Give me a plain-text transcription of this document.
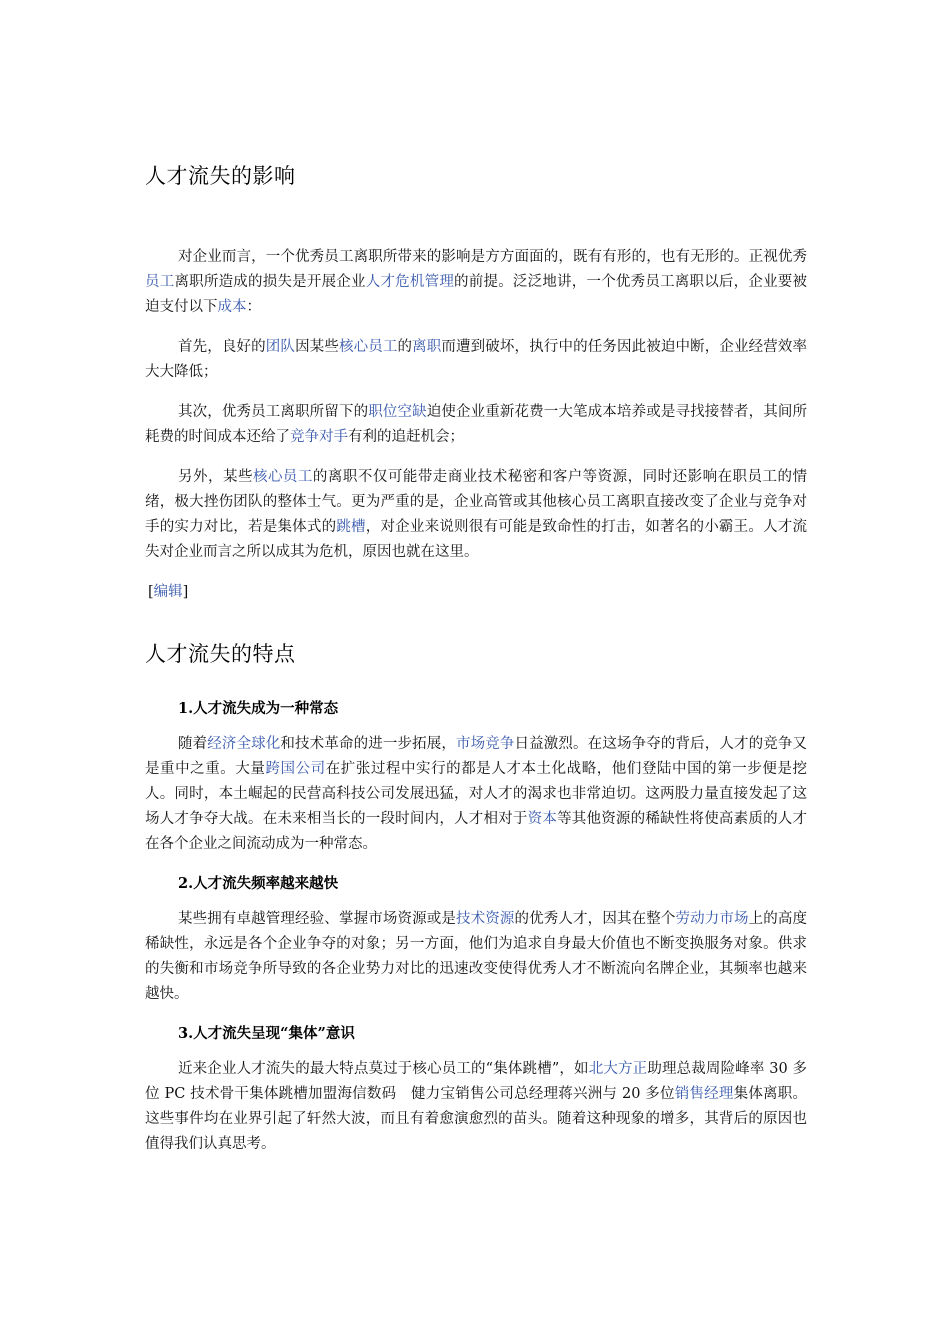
人才流失的影响

对企业而言，一个优秀员工离职所带来的影响是方方面面的，既有有形的，也有无形的。正视优秀员工离职所造成的损失是开展企业人才危机管理的前提。泛泛地讲，一个优秀员工离职以后，企业要被迫支付以下成本：

首先，良好的团队因某些核心员工的离职而遭到破坏，执行中的任务因此被迫中断，企业经营效率大大降低；

其次，优秀员工离职所留下的职位空缺迫使企业重新花费一大笔成本培养或是寻找接替者，其间所耗费的时间成本还给了竞争对手有利的追赶机会；

另外，某些核心员工的离职不仅可能带走商业技术秘密和客户等资源，同时还影响在职员工的情绪，极大挫伤团队的整体士气。更为严重的是，企业高管或其他核心员工离职直接改变了企业与竞争对手的实力对比，若是集体式的跳槽，对企业来说则很有可能是致命性的打击，如著名的小霸王。人才流失对企业而言之所以成其为危机，原因也就在这里。

[编辑]
人才流失的特点
1.人才流失成为一种常态

随着经济全球化和技术革命的进一步拓展，市场竞争日益激烈。在这场争夺的背后，人才的竞争又是重中之重。大量跨国公司在扩张过程中实行的都是人才本土化战略，他们登陆中国的第一步便是挖人。同时，本土崛起的民营高科技公司发展迅猛，对人才的渴求也非常迫切。这两股力量直接发起了这场人才争夺大战。在未来相当长的一段时间内，人才相对于资本等其他资源的稀缺性将使高素质的人才在各个企业之间流动成为一种常态。

2.人才流失频率越来越快

某些拥有卓越管理经验、掌握市场资源或是技术资源的优秀人才，因其在整个劳动力市场上的高度稀缺性，永远是各个企业争夺的对象；另一方面，他们为追求自身最大价值也不断变换服务对象。供求的失衡和市场竞争所导致的各企业势力对比的迅速改变使得优秀人才不断流向名牌企业，其频率也越来越快。

3.人才流失呈现“集体”意识

近来企业人才流失的最大特点莫过于核心员工的“集体跳槽”，如北大方正助理总裁周险峰率 30 多位 PC 技术骨干集体跳槽加盟海信数码　健力宝销售公司总经理蒋兴洲与 20 多位销售经理集体离职。这些事件均在业界引起了轩然大波，而且有着愈演愈烈的苗头。随着这种现象的增多，其背后的原因也值得我们认真思考。
